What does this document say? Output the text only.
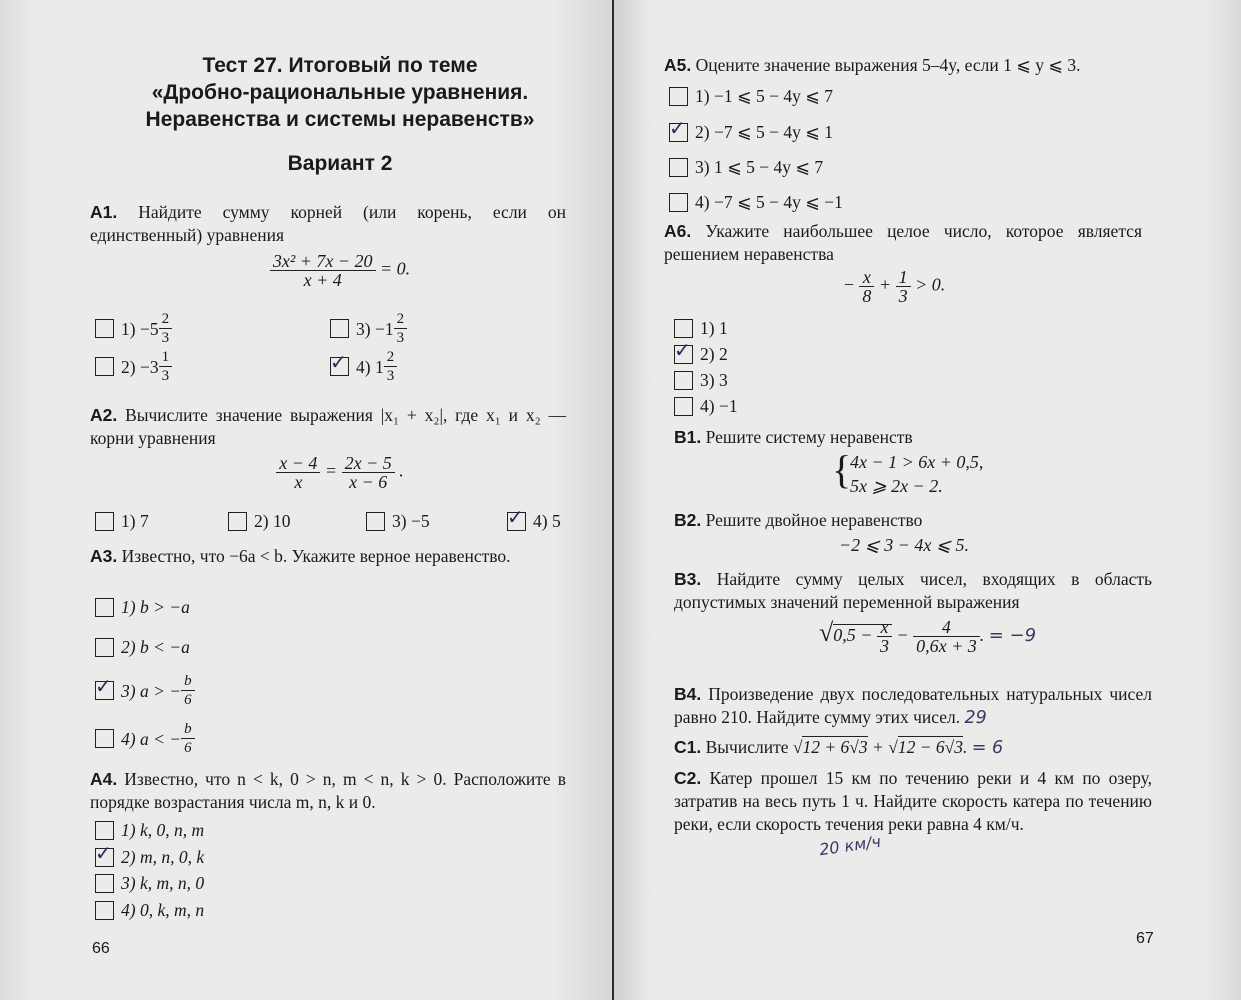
Тест 27. Итоговый по теме
«Дробно-рациональные уравнения.
Неравенства и системы неравенств»
Вариант 2
А1. Найдите сумму корней (или корень, если он единственный) уравнения
$\frac{\text{3x² + 7x − 20}}{x + 4} = 0$.
$1) -5 \frac{2}{3}$	$3) -1 \frac{2}{3}$
$2) -3 \frac{1}{3}$	✓ 4) $1 \frac{2}{3}$
А2. Вычислите значение выражения |x₁ + x₂|, где x₁ и x₂ — корни уравнения
$\frac{x - 4}{x} = \frac{2x - 5}{x - 6}$ .
1) 7	2) 10	3) −5	✓ 4) 5
А3. Известно, что −6a < b. Укажите верное неравенство.
1) b > −a
2) b < −a
✓ 3) a > − $\frac{b}{6}$
4) a < − $\frac{b}{6}$
А4. Известно, что n < k, 0 > n, m < n, k > 0. Расположите в порядке возрастания числа m, n, k и 0.
1) k, 0, n, m
✓ 2) m, n, 0, k
3) k, m, n, 0
4) 0, k, m, n
66
А5. Оцените значение выражения 5–4y, если 1 ⩽ y ⩽ 3.
1) −1 ⩽ 5 − 4y ⩽ 7
✓ 2) −7 ⩽ 5 − 4y ⩽ 1
3) 1 ⩽ 5 − 4y ⩽ 7
4) −7 ⩽ 5 − 4y ⩽ −1
А6. Укажите наибольшее целое число, которое является решением неравенства
− $\frac{x}{8} + \frac{1}{3} > 0$.
1) 1
✓ 2) 2
3) 3
4) −1
В1. Решите систему неравенств
{
4x − 1 > 6x + 0,5,
5x ⩾ 2x − 2.
В2. Решите двойное неравенство
−2 ⩽ 3 − 4x ⩽ 5.
В3. Найдите сумму целых чисел, входящих в область допустимых значений переменной выражения
$√0,5 - \frac{x}{3} - \frac{4}{0,6x + 3}$ . = −9
В4. Произведение двух последовательных натуральных чисел равно 210. Найдите сумму этих чисел. 29
С1. Вычислите √12 + 6√3 + √12 − 6√3. = 6
С2. Катер прошел 15 км по течению реки и 4 км по озеру, затратив на весь путь 1 ч. Найдите скорость катера по течению реки, если скорость течения реки равна 4 км/ч.
20 км/ч
67
